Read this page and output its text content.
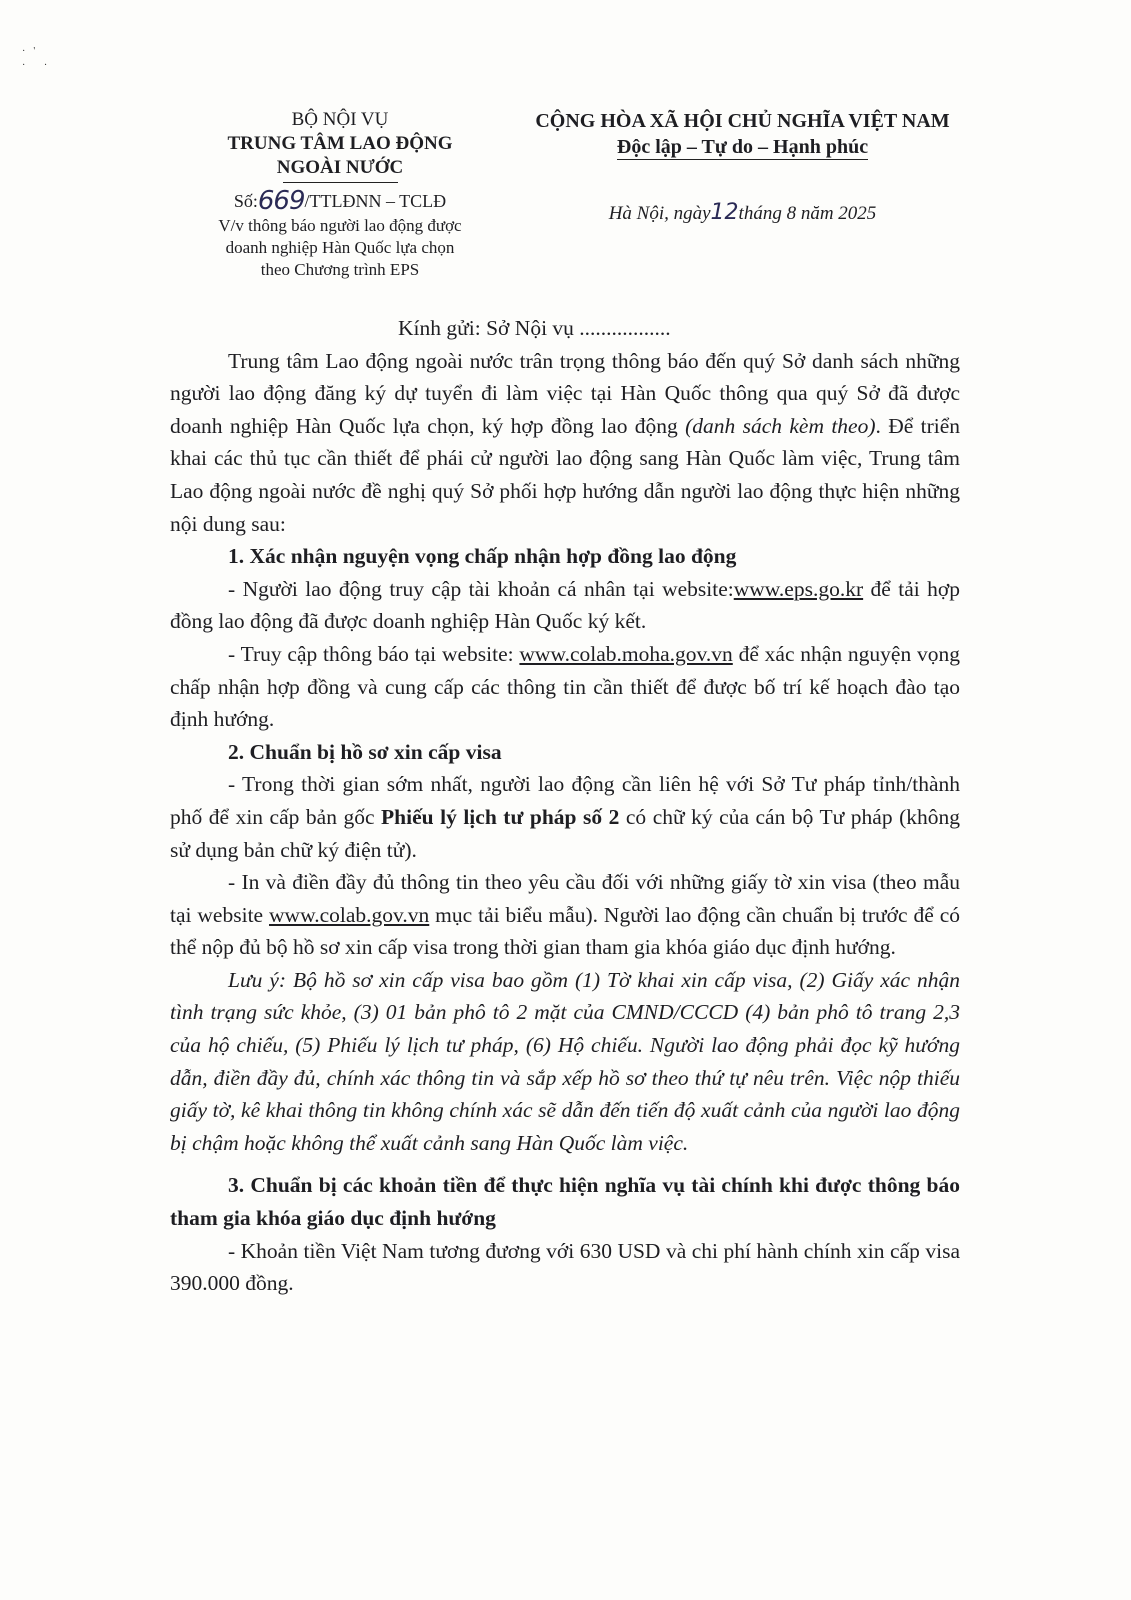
·'
· ·
BỘ NỘI VỤ
TRUNG TÂM LAO ĐỘNG
NGOÀI NƯỚC
Số:669/TTLĐNN – TCLĐ
V/v thông báo người lao động được
doanh nghiệp Hàn Quốc lựa chọn
theo Chương trình EPS
CỘNG HÒA XÃ HỘI CHỦ NGHĨA VIỆT NAM
Độc lập – Tự do – Hạnh phúc
Hà Nội, ngày12tháng 8 năm 2025

Kính gửi: Sở Nội vụ .................

Trung tâm Lao động ngoài nước trân trọng thông báo đến quý Sở danh sách những người lao động đăng ký dự tuyển đi làm việc tại Hàn Quốc thông qua quý Sở đã được doanh nghiệp Hàn Quốc lựa chọn, ký hợp đồng lao động (danh sách kèm theo). Để triển khai các thủ tục cần thiết để phái cử người lao động sang Hàn Quốc làm việc, Trung tâm Lao động ngoài nước đề nghị quý Sở phối hợp hướng dẫn người lao động thực hiện những nội dung sau:

1. Xác nhận nguyện vọng chấp nhận hợp đồng lao động

- Người lao động truy cập tài khoản cá nhân tại website:www.eps.go.kr để tải hợp đồng lao động đã được doanh nghiệp Hàn Quốc ký kết.

- Truy cập thông báo tại website: www.colab.moha.gov.vn để xác nhận nguyện vọng chấp nhận hợp đồng và cung cấp các thông tin cần thiết để được bố trí kế hoạch đào tạo định hướng.

2. Chuẩn bị hồ sơ xin cấp visa

- Trong thời gian sớm nhất, người lao động cần liên hệ với Sở Tư pháp tỉnh/thành phố để xin cấp bản gốc Phiếu lý lịch tư pháp số 2 có chữ ký của cán bộ Tư pháp (không sử dụng bản chữ ký điện tử).

- In và điền đầy đủ thông tin theo yêu cầu đối với những giấy tờ xin visa (theo mẫu tại website www.colab.gov.vn mục tải biểu mẫu). Người lao động cần chuẩn bị trước để có thể nộp đủ bộ hồ sơ xin cấp visa trong thời gian tham gia khóa giáo dục định hướng.

Lưu ý: Bộ hồ sơ xin cấp visa bao gồm (1) Tờ khai xin cấp visa, (2) Giấy xác nhận tình trạng sức khỏe, (3) 01 bản phô tô 2 mặt của CMND/CCCD (4) bản phô tô trang 2,3 của hộ chiếu, (5) Phiếu lý lịch tư pháp, (6) Hộ chiếu. Người lao động phải đọc kỹ hướng dẫn, điền đầy đủ, chính xác thông tin và sắp xếp hồ sơ theo thứ tự nêu trên. Việc nộp thiếu giấy tờ, kê khai thông tin không chính xác sẽ dẫn đến tiến độ xuất cảnh của người lao động bị chậm hoặc không thể xuất cảnh sang Hàn Quốc làm việc.

3. Chuẩn bị các khoản tiền để thực hiện nghĩa vụ tài chính khi được thông báo tham gia khóa giáo dục định hướng

- Khoản tiền Việt Nam tương đương với 630 USD và chi phí hành chính xin cấp visa 390.000 đồng.
